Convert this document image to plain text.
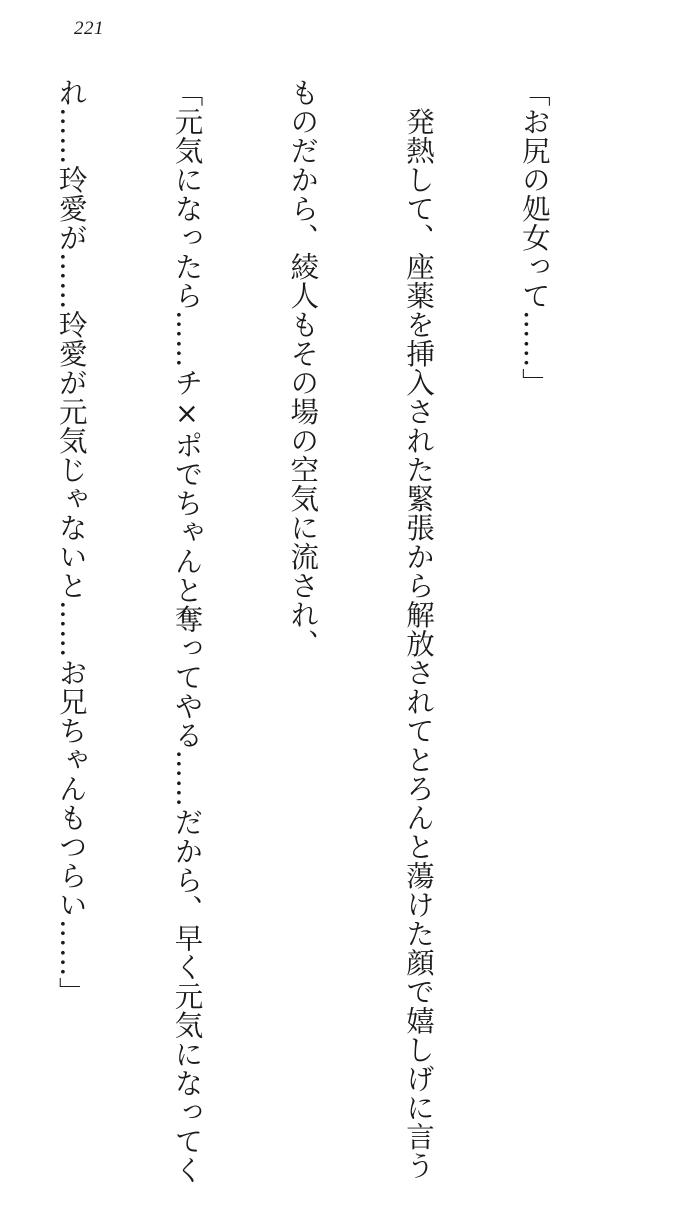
221

「お尻の処女って……」

　発熱して、座薬を挿入された緊張から解放されてとろんと蕩けた顔で嬉しげに言う

ものだから、綾人もその場の空気に流され、

「元気になったら……チ×ポでちゃんと奪ってやる……だから、早く元気になってく

れ……玲愛が……玲愛が元気じゃないと……お兄ちゃんもつらい……」
